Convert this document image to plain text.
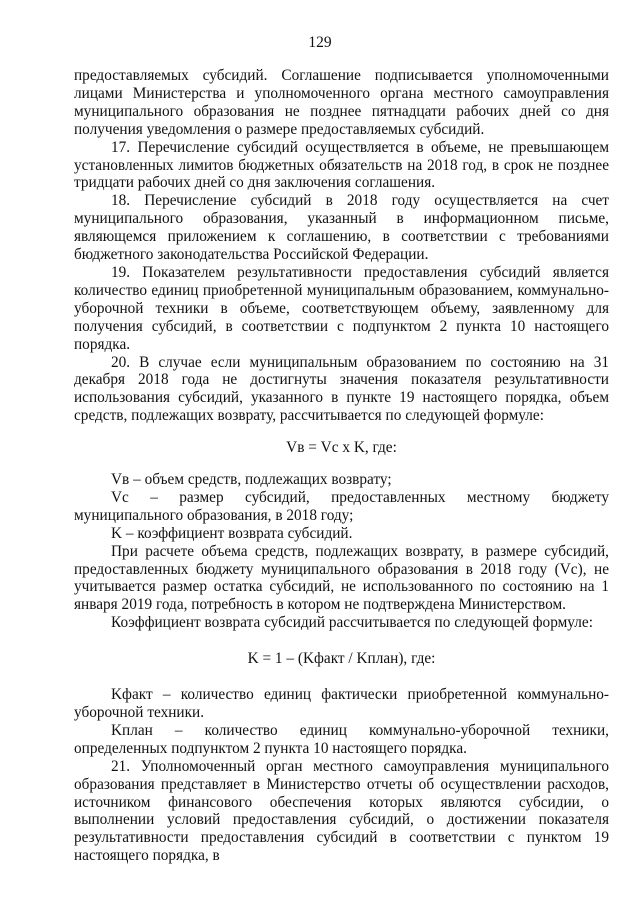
129

предоставляемых субсидий. Соглашение подписывается уполномоченными лицами Министерства и уполномоченного органа местного самоуправления муниципального образования не позднее пятнадцати рабочих дней со дня получения уведомления о размере предоставляемых субсидий.

17. Перечисление субсидий осуществляется в объеме, не превышающем установленных лимитов бюджетных обязательств на 2018 год, в срок не позднее тридцати рабочих дней со дня заключения соглашения.

18. Перечисление субсидий в 2018 году осуществляется на счет муниципального образования, указанный в информационном письме, являющемся приложением к соглашению, в соответствии с требованиями бюджетного законодательства Российской Федерации.

19. Показателем результативности предоставления субсидий является количество единиц приобретенной муниципальным образованием, коммунально-уборочной техники в объеме, соответствующем объему, заявленному для получения субсидий, в соответствии с подпунктом 2 пункта 10 настоящего порядка.

20. В случае если муниципальным образованием по состоянию на 31 декабря 2018 года не достигнуты значения показателя результативности использования субсидий, указанного в пункте 19 настоящего порядка, объем средств, подлежащих возврату, рассчитывается по следующей формуле:

Vв = Vс х K, где:

Vв – объем средств, подлежащих возврату;

Vс – размер субсидий, предоставленных местному бюджету муниципального образования, в 2018 году;

K – коэффициент возврата субсидий.

При расчете объема средств, подлежащих возврату, в размере субсидий, предоставленных бюджету муниципального образования в 2018 году (Vс), не учитывается размер остатка субсидий, не использованного по состоянию на 1 января 2019 года, потребность в котором не подтверждена Министерством.

Коэффициент возврата субсидий рассчитывается по следующей формуле:

K = 1 – (Kфакт / Kплан), где:

Kфакт – количество единиц фактически приобретенной коммунально-уборочной техники.

Kплан – количество единиц коммунально-уборочной техники, определенных подпунктом 2 пункта 10 настоящего порядка.

21. Уполномоченный орган местного самоуправления муниципального образования представляет в Министерство отчеты об осуществлении расходов, источником финансового обеспечения которых являются субсидии, о выполнении условий предоставления субсидий, о достижении показателя результативности предоставления субсидий в соответствии с пунктом 19 настоящего порядка, в
